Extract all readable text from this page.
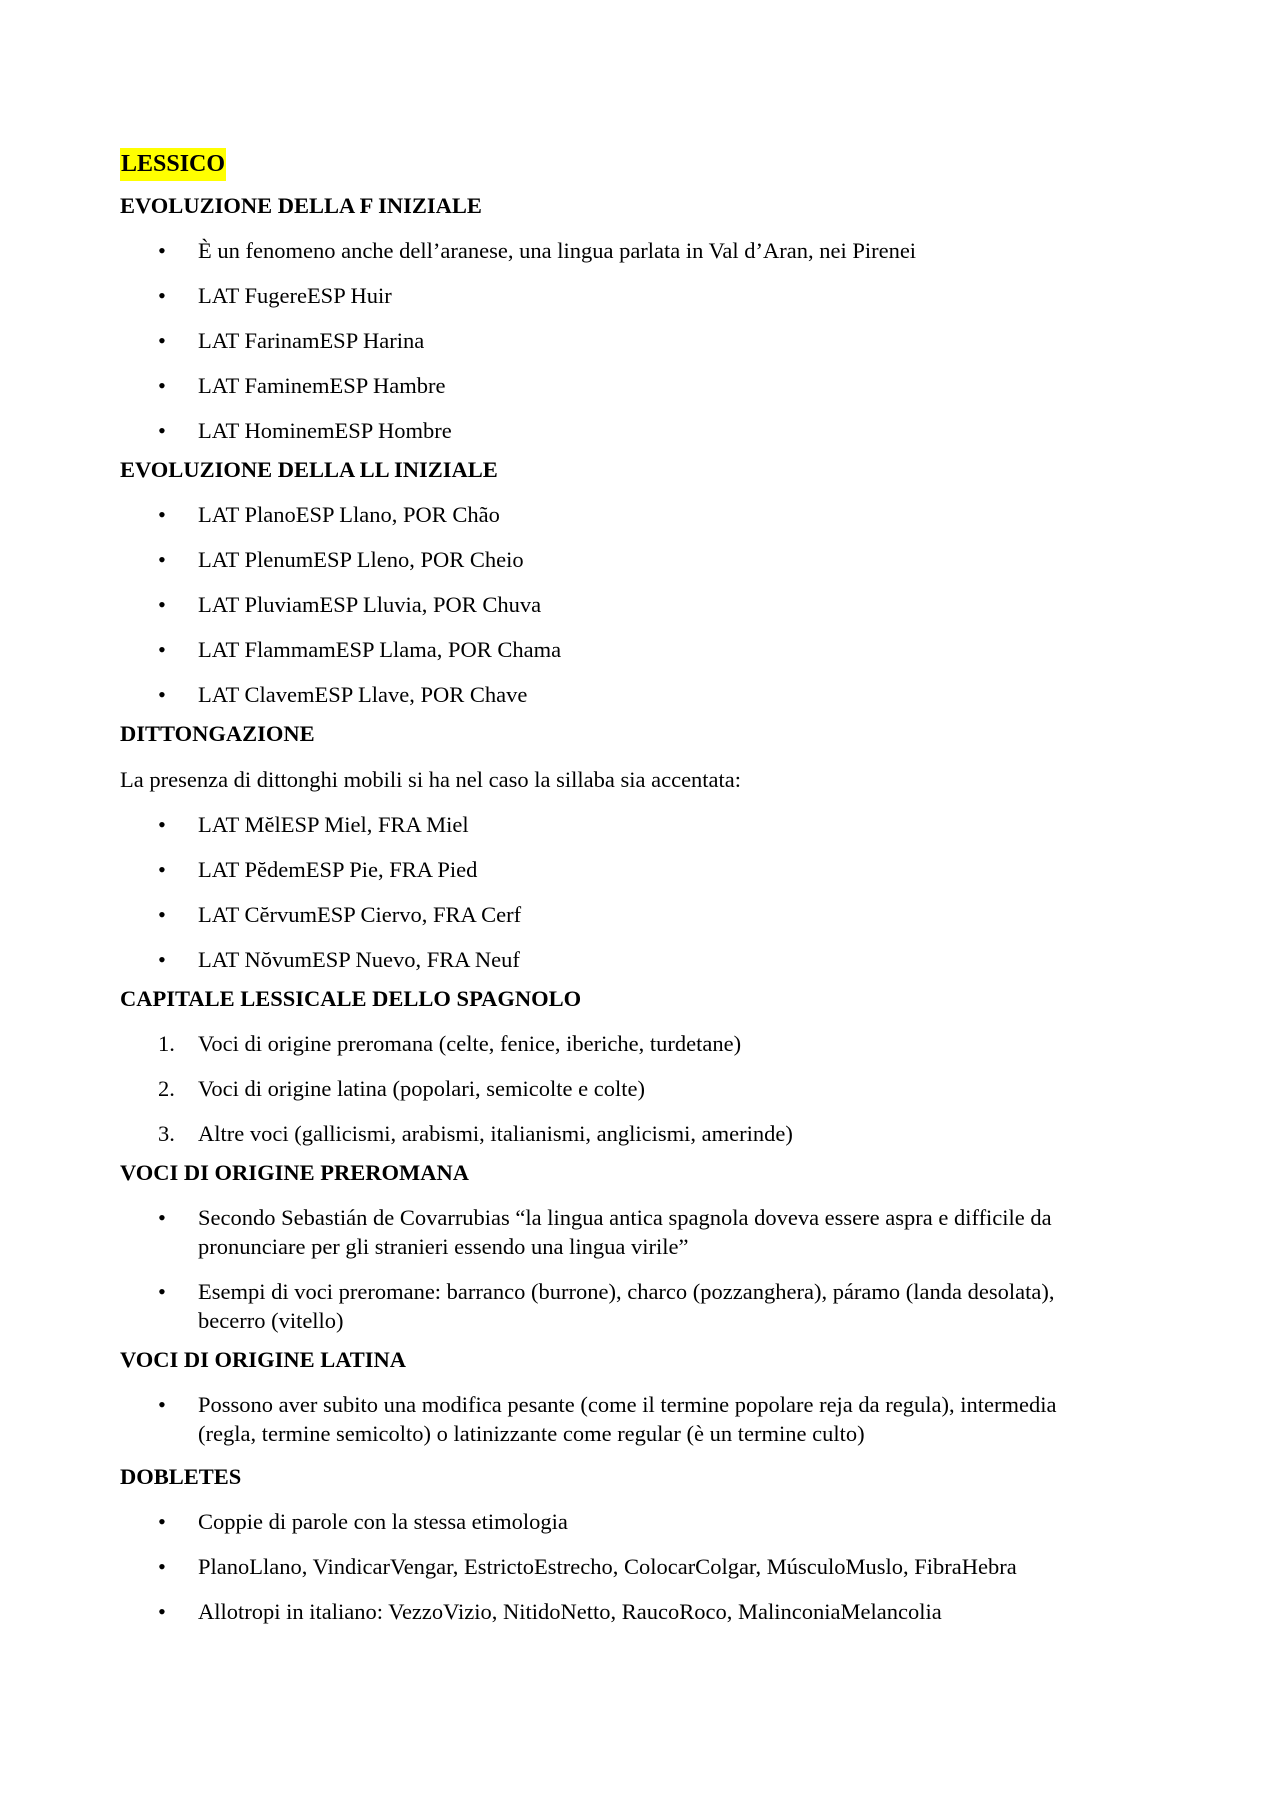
LESSICO
EVOLUZIONE DELLA F INIZIALE
•	È un fenomeno anche dell’aranese, una lingua parlata in Val d’Aran, nei Pirenei
•	LAT FugereESP Huir
•	LAT FarinamESP Harina
•	LAT FaminemESP Hambre
•	LAT HominemESP Hombre
EVOLUZIONE DELLA LL INIZIALE
•	LAT PlanoESP Llano, POR Chão
•	LAT PlenumESP Lleno, POR Cheio
•	LAT PluviamESP Lluvia, POR Chuva
•	LAT FlammamESP Llama, POR Chama
•	LAT ClavemESP Llave, POR Chave
DITTONGAZIONE

La presenza di dittonghi mobili si ha nel caso la sillaba sia accentata:

•	LAT MĕlESP Miel, FRA Miel
•	LAT PĕdemESP Pie, FRA Pied
•	LAT CĕrvumESP Ciervo, FRA Cerf
•	LAT NŏvumESP Nuevo, FRA Neuf
CAPITALE LESSICALE DELLO SPAGNOLO
1.	Voci di origine preromana (celte, fenice, iberiche, turdetane)
2.	Voci di origine latina (popolari, semicolte e colte)
3.	Altre voci (gallicismi, arabismi, italianismi, anglicismi, amerinde)
VOCI DI ORIGINE PREROMANA
•	Secondo Sebastián de Covarrubias “la lingua antica spagnola doveva essere aspra e difficile da pronunciare per gli stranieri essendo una lingua virile”
•	Esempi di voci preromane: barranco (burrone), charco (pozzanghera), páramo (landa desolata), becerro (vitello)
VOCI DI ORIGINE LATINA
•	Possono aver subito una modifica pesante (come il termine popolare reja da regula), intermedia (regla, termine semicolto) o latinizzante come regular (è un termine culto)
DOBLETES
•	Coppie di parole con la stessa etimologia
•	PlanoLlano, VindicarVengar, EstrictoEstrecho, ColocarColgar, MúsculoMuslo, FibraHebra
•	Allotropi in italiano: VezzoVizio, NitidoNetto, RaucoRoco, MalinconiaMelancolia
